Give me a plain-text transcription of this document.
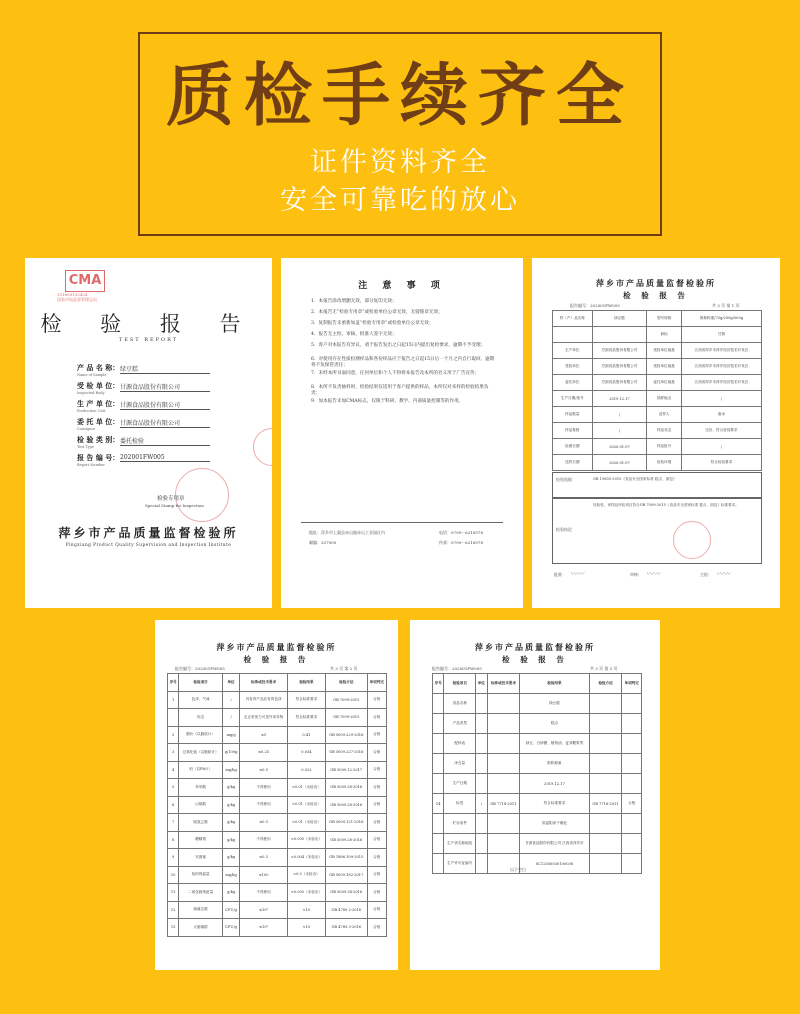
质检手续齐全
证件资料齐全
安全可靠吃的放心
CMA
151600102424
国家市场监督管理总局
检 验 报 告
TEST REPORT
产 品 名 称：
Name of Sample
绿豆糕
受 检 单 位：
Inspected Body
甘源食品股份有限公司
生 产 单 位：
Production Unit
甘源食品股份有限公司
委 托 单 位：
Consignor
甘源食品股份有限公司
检 验 类 别：
Test Type
委托检验
报 告 编 号：
Report Number
202001FW005
检验专用章
Special Stamp for Inspection
萍乡市产品质量监督检验所
Pingxiang Product Quality Supervision and Inspection Institute
注 意 事 项
1．本报告涂改增删无效，部分复印无效；
2．本报告无“检验专用章”或检验单位公章无效，无骑缝章无效；
3．复制报告未重新加盖“检验专用章”或检验单位公章无效；
4．报告无主检、审核、批准人签字无效；
5．客户对本报告有异议，请于报告发出之日起15日内提出复检要求，逾期不予受理；
6．对使用存在性质检测样品和各份样品应于报告之日起15日后一个月之内自行取回，逾期将不负保管责任；
7．未经本所书面同意，任何单位和个人不得将本报告及本所的名义用于广告宣传；
8．本所不负责抽样时，检验结果仅适用于客户提供的样品，本所仅对来样的检验结果负责；
9．加本报告未加CMA标志，仅限于科研、教学、内部质量控制等的作用。
地址：萍乡市上栗县赤山镇赤山工业园区内	电话：0799－6218578
邮编：337000	传真：0799－6218578
萍乡市产品质量监督检验所
检 验 报 告
报告编号：202001FW005	共 3 页 第 1 页
样（产）品名称	绿豆糕	型号规格	散称称重/75g/250g/500g
		商标	甘源
生产单位	甘源食品股份有限公司	受检单位地址	江西省萍乡市萍乡经济技术开发区
受检单位	甘源食品股份有限公司	受检单位地址	江西省萍乡市萍乡经济技术开发区
委托单位	甘源食品股份有限公司	委托单位地址	江西省萍乡市萍乡经济技术开发区
生产日期/批号	2019.12.17	抽样地点	/
样品数量	/	送样人	唐冰
样品基数	/	样品状态	完好，符合检验要求
检测日期	2020.01.07	样品批号	/
送样日期	2020.01.07	检验环境	符合检验要求
检验依据	GB 19855-2015《食品安全国家标准 糕点、面包》
检验结论
经检验，该样品所检项目符合GB 7099-2015《食品安全国家标准 糕点、面包》标准要求。
批准： 〰〰	审核： 〰〰	主检： 〰〰
萍乡市产品质量监督检验所
检 验 报 告
报告编号：202001FW005	共 3 页 第 2 页
序号	检验项目	单位	标准或技术要求	检验结果	检验方法	单项判定
1	色泽、气味	/	具有该产品应有的色泽	符合标准要求	GB 7099-2015	合格
	形态	/	无正常视力可见外来异物	符合标准要求	GB 7099-2015	合格
2	酸价（以脂肪计）	mg/g	≤5	0.41	GB 5009.229-2016	合格
3	过氧化值（以脂肪计）	g/100g	≤0.25	0.034	GB 5009.227-2016	合格
4	铅（以Pb计）	mg/kg	≤0.5	0.022	GB 5009.12-2017	合格
5	苯甲酸	g/kg	不得使用	<0.01（未检出）	GB 5009.28-2016	合格
6	山梨酸	g/kg	不得使用	<0.01（未检出）	GB 5009.28-2016	合格
7	脱氢乙酸	g/kg	≤0.5	<0.01（未检出）	GB 5009.121-2016	合格
8	糖精钠	g/kg	不得使用	<0.005（未检出）	GB 5009.28-2016	合格
9	安赛蜜	g/kg	≤0.3	<0.004（未检出）	GB 1886.109-2015	合格
10	铝的残留量	mg/kg	≤100	<0.5（未检出）	GB 5009.182-2017	合格
11	二氧化硫残留量	g/kg	不得使用	<0.005（未检出）	GB 5009.34-2016	合格
12	菌落总数	CFU/g	≤10⁵	<10	GB 4789.2-2016	合格
13	大肠菌群	CFU/g	≤10²	<10	GB 4789.3-2016	合格
萍乡市产品质量监督检验所
检 验 报 告
报告编号：202001FW005	共 3 页 第 3 页
序号	检验项目	单位	标准或技术要求	检验结果	检验方法	单项判定
	食品名称			绿豆糕		
	产品类型			糕点		
	配料表			绿豆、白砂糖、植物油、麦芽糖浆等		
	净含量			散称称重		
	生产日期			2019.12.17		
14	标签	/	GB 7718-2011	符合标准要求	GB 7718-2011	合格
	贮存条件			常温阴凉干燥处		
	生产者名称地址			甘源食品股份有限公司 江西省萍乡市		
	生产许可证编号			SC12036030100038		
以下空白
